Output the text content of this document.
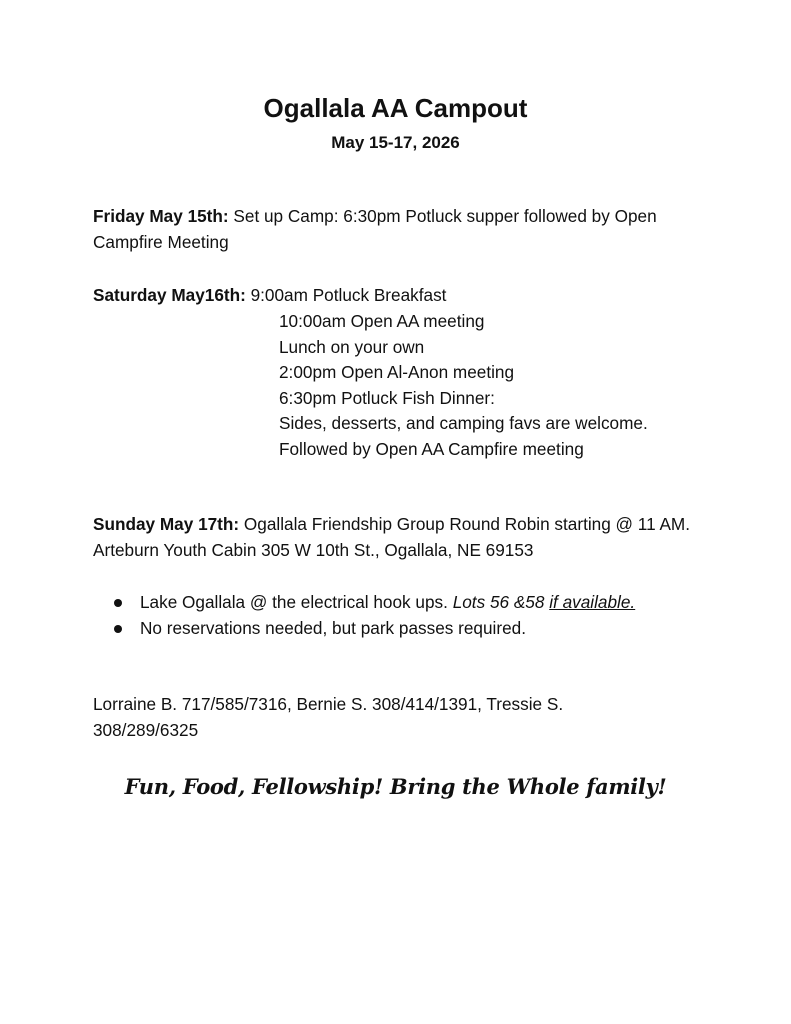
Ogallala AA Campout
May 15-17, 2026
Friday May 15th: Set up Camp: 6:30pm Potluck supper followed by Open Campfire Meeting
Saturday May16th: 9:00am Potluck Breakfast
10:00am Open AA meeting
Lunch on your own
2:00pm Open Al-Anon meeting
6:30pm Potluck Fish Dinner:
Sides, desserts, and camping favs are welcome.
Followed by Open AA Campfire meeting
Sunday May 17th: Ogallala Friendship Group Round Robin starting @ 11 AM. Arteburn Youth Cabin 305 W 10th St., Ogallala, NE 69153
Lake Ogallala @ the electrical hook ups. Lots 56 &58 if available.
No reservations needed, but park passes required.
Lorraine B. 717/585/7316, Bernie S. 308/414/1391, Tressie S. 308/289/6325
Fun, Food, Fellowship! Bring the Whole family!
